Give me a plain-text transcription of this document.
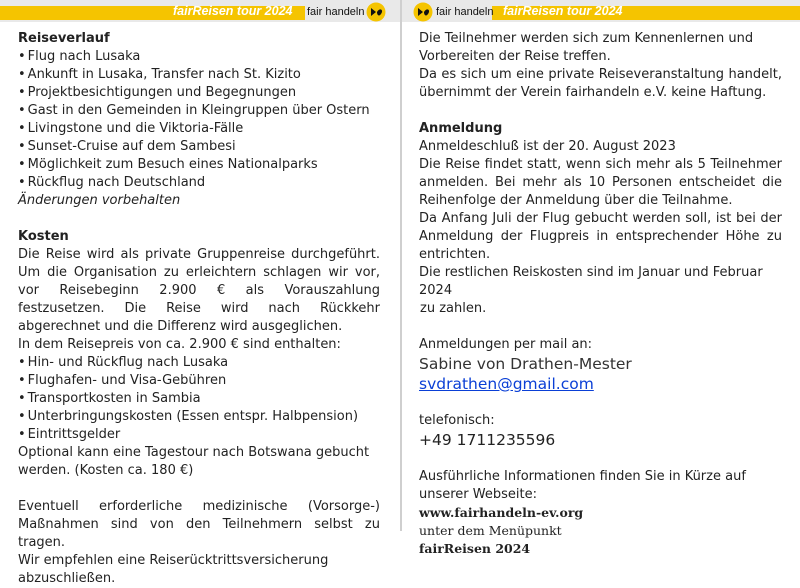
fairReisen tour 2024 fair handeln	fair handeln fairReisen tour 2024
Reiseverlauf
• Flug nach Lusaka
• Ankunft in Lusaka, Transfer nach St. Kizito
• Projektbesichtigungen und Begegnungen
• Gast in den Gemeinden in Kleingruppen über Ostern
• Livingstone und die Viktoria-Fälle
• Sunset-Cruise auf dem Sambesi
• Möglichkeit zum Besuch eines Nationalparks
• Rückflug nach Deutschland
Änderungen vorbehalten
Kosten
Die Reise wird als private Gruppenreise durchgeführt. Um die Organisation zu erleichtern schlagen wir vor, vor Reisebeginn 2.900 € als Vorauszahlung festzusetzen. Die Reise wird nach Rückkehr abgerechnet und die Differenz wird ausgeglichen.
In dem Reisepreis von ca. 2.900 € sind enthalten:
• Hin- und Rückflug nach Lusaka
• Flughafen- und Visa-Gebühren
• Transportkosten in Sambia
• Unterbringungskosten (Essen entspr. Halbpension)
• Eintrittsgelder
Optional kann eine Tagestour nach Botswana gebucht werden. (Kosten ca. 180 €)
Eventuell erforderliche medizinische (Vorsorge-) Maßnahmen sind von den Teilnehmern selbst zu tragen.
Wir empfehlen eine Reiserücktrittsversicherung abzuschließen.
Die Teilnehmer werden sich zum Kennenlernen und Vorbereiten der Reise treffen.
Da es sich um eine private Reiseveranstaltung handelt, übernimmt der Verein fairhandeln e.V. keine Haftung.
Anmeldung
Anmeldeschluß ist der 20. August 2023
Die Reise findet statt, wenn sich mehr als 5 Teilnehmer anmelden. Bei mehr als 10 Personen entscheidet die Reihenfolge der Anmeldung über die Teilnahme.
Da Anfang Juli der Flug gebucht werden soll, ist bei der Anmeldung der Flugpreis in entsprechender Höhe zu entrichten.
Die restlichen Reiskosten sind im Januar und Februar 2024
zu zahlen.
Anmeldungen per mail an:
Sabine von Drathen-Mester
svdrathen@gmail.com
telefonisch:
+49 1711235596
Ausführliche Informationen finden Sie in Kürze auf unserer Webseite:
www.fairhandeln-ev.org
unter dem Menüpunkt
fairReisen 2024
